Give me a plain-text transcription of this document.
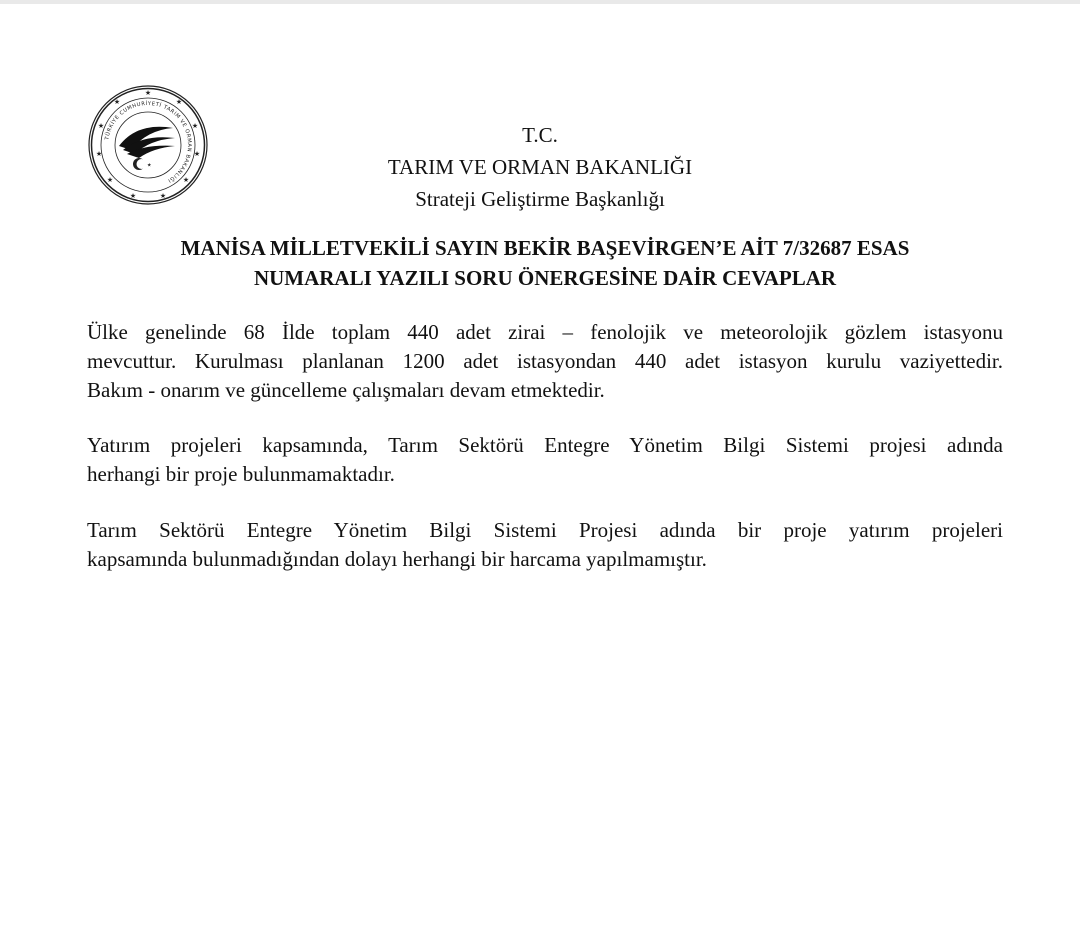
★
★
★
★
★
★
★
★
★
★
★
TÜRKİYE CUMHURİYETİ TARIM VE ORMAN BAKANLIĞI
★
T.C.
TARIM VE ORMAN BAKANLIĞI
Strateji Geliştirme Başkanlığı
MANİSA MİLLETVEKİLİ SAYIN BEKİR BAŞEVİRGEN’E AİT 7/32687 ESAS
NUMARALI YAZILI SORU ÖNERGESİNE DAİR CEVAPLAR
Ülke genelinde 68 İlde toplam 440 adet zirai – fenolojik ve meteorolojik gözlem istasyonu
mevcuttur. Kurulması planlanan 1200 adet istasyondan 440 adet istasyon kurulu vaziyettedir.
Bakım - onarım ve güncelleme çalışmaları devam etmektedir.
Yatırım projeleri kapsamında, Tarım Sektörü Entegre Yönetim Bilgi Sistemi projesi adında
herhangi bir proje bulunmamaktadır.
Tarım Sektörü Entegre Yönetim Bilgi Sistemi Projesi adında bir proje yatırım projeleri
kapsamında bulunmadığından dolayı herhangi bir harcama yapılmamıştır.
